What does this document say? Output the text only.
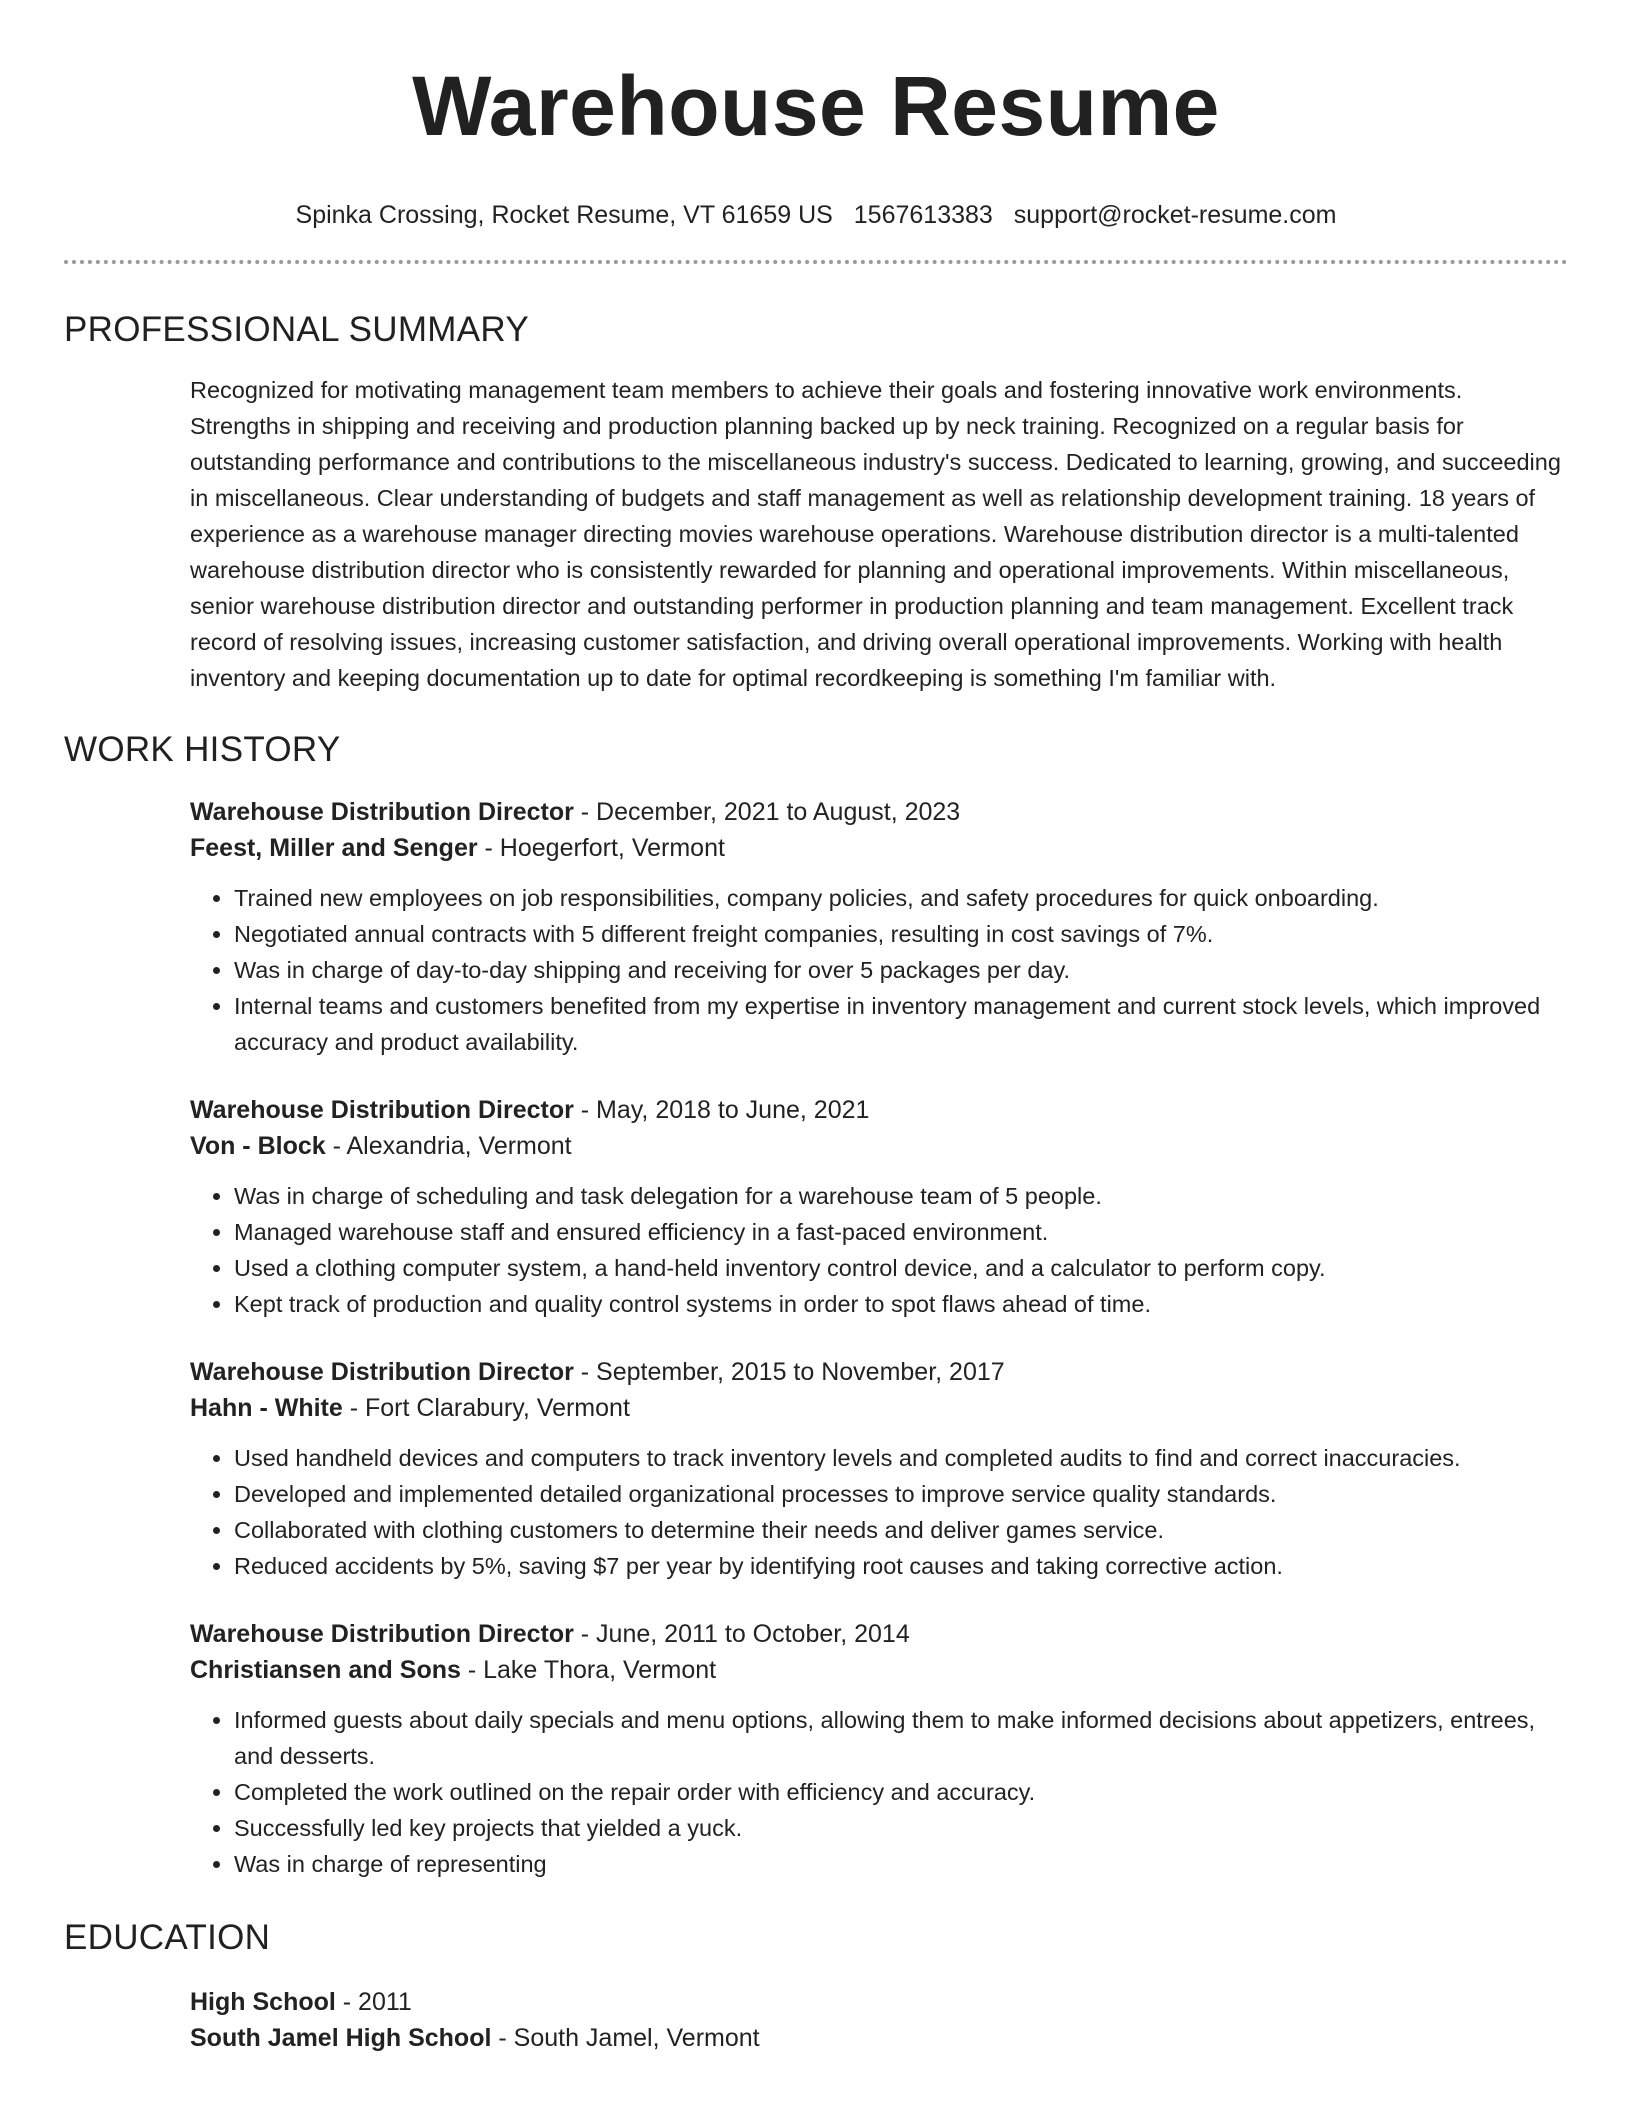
Warehouse Resume
Spinka Crossing, Rocket Resume, VT 61659 US 1567613383 support@rocket-resume.com
PROFESSIONAL SUMMARY

Recognized for motivating management team members to achieve their goals and fostering innovative work environments. Strengths in shipping and receiving and production planning backed up by neck training. Recognized on a regular basis for outstanding performance and contributions to the miscellaneous industry's success. Dedicated to learning, growing, and succeeding in miscellaneous. Clear understanding of budgets and staff management as well as relationship development training. 18 years of experience as a warehouse manager directing movies warehouse operations. Warehouse distribution director is a multi-talented warehouse distribution director who is consistently rewarded for planning and operational improvements. Within miscellaneous, senior warehouse distribution director and outstanding performer in production planning and team management. Excellent track record of resolving issues, increasing customer satisfaction, and driving overall operational improvements. Working with health inventory and keeping documentation up to date for optimal recordkeeping is something I'm familiar with.

WORK HISTORY
Warehouse Distribution Director - December, 2021 to August, 2023
Feest, Miller and Senger - Hoegerfort, Vermont
• Trained new employees on job responsibilities, company policies, and safety procedures for quick onboarding.
• Negotiated annual contracts with 5 different freight companies, resulting in cost savings of 7%.
• Was in charge of day-to-day shipping and receiving for over 5 packages per day.
• Internal teams and customers benefited from my expertise in inventory management and current stock levels, which improved accuracy and product availability.
Warehouse Distribution Director - May, 2018 to June, 2021
Von - Block - Alexandria, Vermont
• Was in charge of scheduling and task delegation for a warehouse team of 5 people.
• Managed warehouse staff and ensured efficiency in a fast-paced environment.
• Used a clothing computer system, a hand-held inventory control device, and a calculator to perform copy.
• Kept track of production and quality control systems in order to spot flaws ahead of time.
Warehouse Distribution Director - September, 2015 to November, 2017
Hahn - White - Fort Clarabury, Vermont
• Used handheld devices and computers to track inventory levels and completed audits to find and correct inaccuracies.
• Developed and implemented detailed organizational processes to improve service quality standards.
• Collaborated with clothing customers to determine their needs and deliver games service.
• Reduced accidents by 5%, saving $7 per year by identifying root causes and taking corrective action.
Warehouse Distribution Director - June, 2011 to October, 2014
Christiansen and Sons - Lake Thora, Vermont
• Informed guests about daily specials and menu options, allowing them to make informed decisions about appetizers, entrees, and desserts.
• Completed the work outlined on the repair order with efficiency and accuracy.
• Successfully led key projects that yielded a yuck.
• Was in charge of representing
EDUCATION
High School - 2011
South Jamel High School - South Jamel, Vermont
